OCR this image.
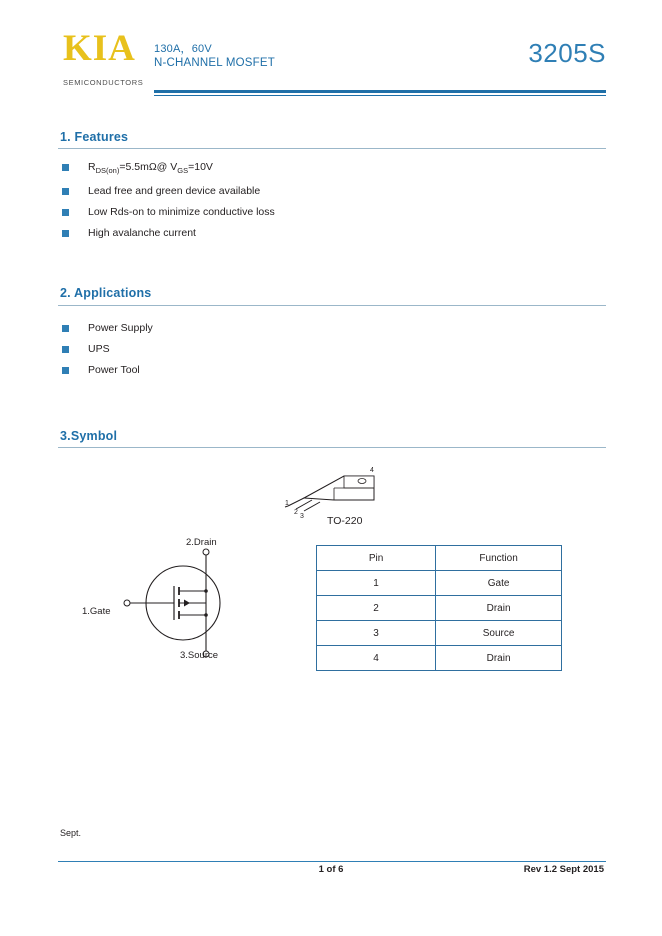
KIA
SEMICONDUCTORS
130A，60V
N-CHANNEL MOSFET	3205S
1. Features
$R_{DS(on)}=5.5m\Omega@$ $V_{GS}=10V$
Lead free and green device available
Low Rds-on to minimize conductive loss
High avalanche current
2. Applications
Power Supply
UPS
Power Tool
3.Symbol
1
2
3
4
TO-220
2.Drain
1.Gate
3.Source
Pin	Function
1	Gate
2	Drain
3	Source
4	Drain
Sept.
1 of 6	Rev 1.2 Sept 2015
